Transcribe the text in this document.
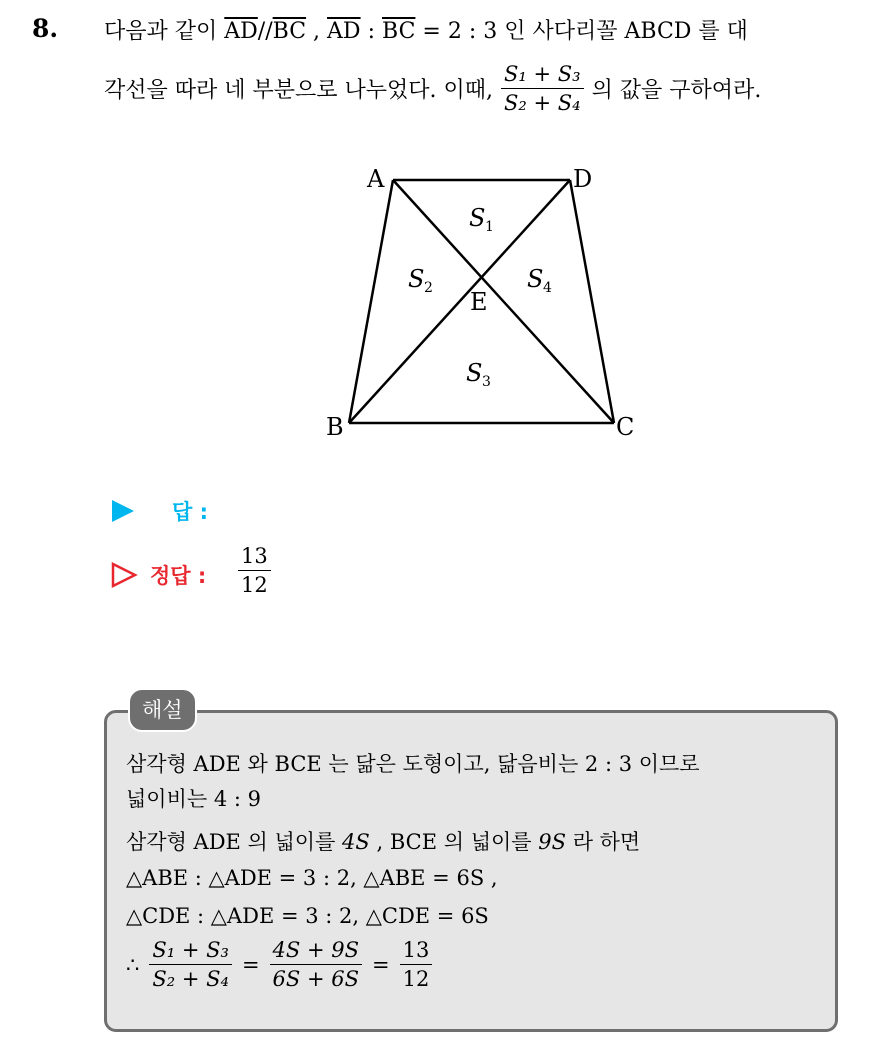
8. 다음과 같이 $\overline{AD}//\overline{BC}$ , $\overline{AD}$ : $\overline{BC} = 2$ : 3 인 사다리꼴 ABCD 를 대
각선을 따라 네 부분으로 나누었다. 이때, $\frac{\text{S₁ + S₃}}{\text{S₂ + S₄}}$ 의 값을 구하여라.
A	D
B	C
E
S 1
S 2
S 3
S 4
답 :
정답 : $\frac{13}{12}$
해설
삼각형 ADE 와 BCE 는 닮은 도형이고, 닮음비는 2 : 3 이므로
넓이비는 4 : 9
삼각형 ADE 의 넓이를 4S , BCE 의 넓이를 9S 라 하면
△ABE : △ADE = 3 : 2, △ABE = 6S ,
△CDE : △ADE = 3 : 2, △CDE = 6S
∴ $\frac{\text{S₁ + S₃}}{\text{S₂ + S₄}} = \frac{4S + 9S}{6S + 6S} = \frac{13}{12}$
